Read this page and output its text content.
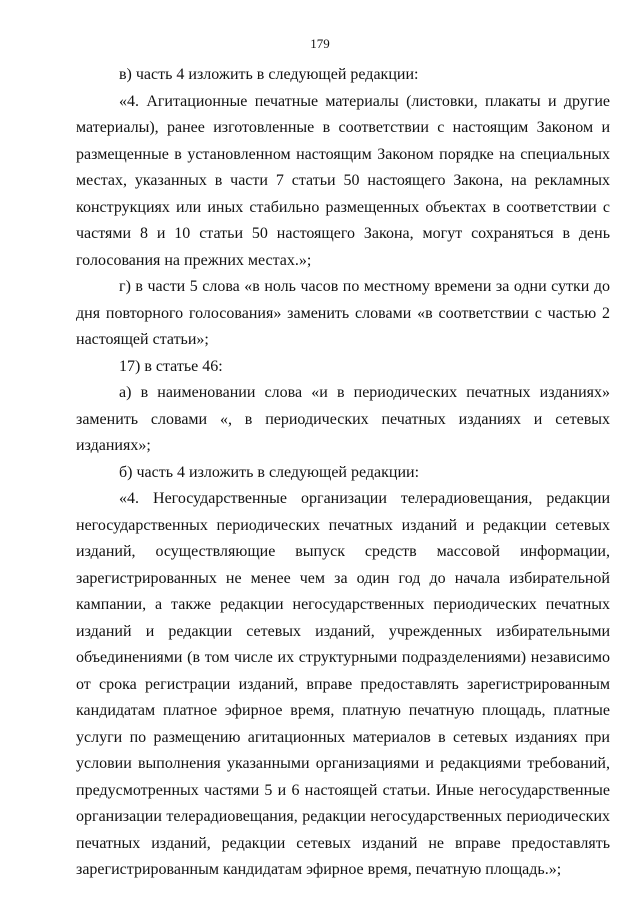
179

в) часть 4 изложить в следующей редакции:

«4. Агитационные печатные материалы (листовки, плакаты и другие материалы), ранее изготовленные в соответствии с настоящим Законом и размещенные в установленном настоящим Законом порядке на специальных местах, указанных в части 7 статьи 50 настоящего Закона, на рекламных конструкциях или иных стабильно размещенных объектах в соответствии с частями 8 и 10 статьи 50 настоящего Закона, могут сохраняться в день голосования на прежних местах.»;

г) в части 5 слова «в ноль часов по местному времени за одни сутки до дня повторного голосования» заменить словами «в соответствии с частью 2 настоящей статьи»;

17) в статье 46:

а) в наименовании слова «и в периодических печатных изданиях» заменить словами «, в периодических печатных изданиях и сетевых изданиях»;

б) часть 4 изложить в следующей редакции:

«4. Негосударственные организации телерадиовещания, редакции негосударственных периодических печатных изданий и редакции сетевых изданий, осуществляющие выпуск средств массовой информации, зарегистрированных не менее чем за один год до начала избирательной кампании, а также редакции негосударственных периодических печатных изданий и редакции сетевых изданий, учрежденных избирательными объединениями (в том числе их структурными подразделениями) независимо от срока регистрации изданий, вправе предоставлять зарегистрированным кандидатам платное эфирное время, платную печатную площадь, платные услуги по размещению агитационных материалов в сетевых изданиях при условии выполнения указанными организациями и редакциями требований, предусмотренных частями 5 и 6 настоящей статьи. Иные негосударственные организации телерадиовещания, редакции негосударственных периодических печатных изданий, редакции сетевых изданий не вправе предоставлять зарегистрированным кандидатам эфирное время, печатную площадь.»;
